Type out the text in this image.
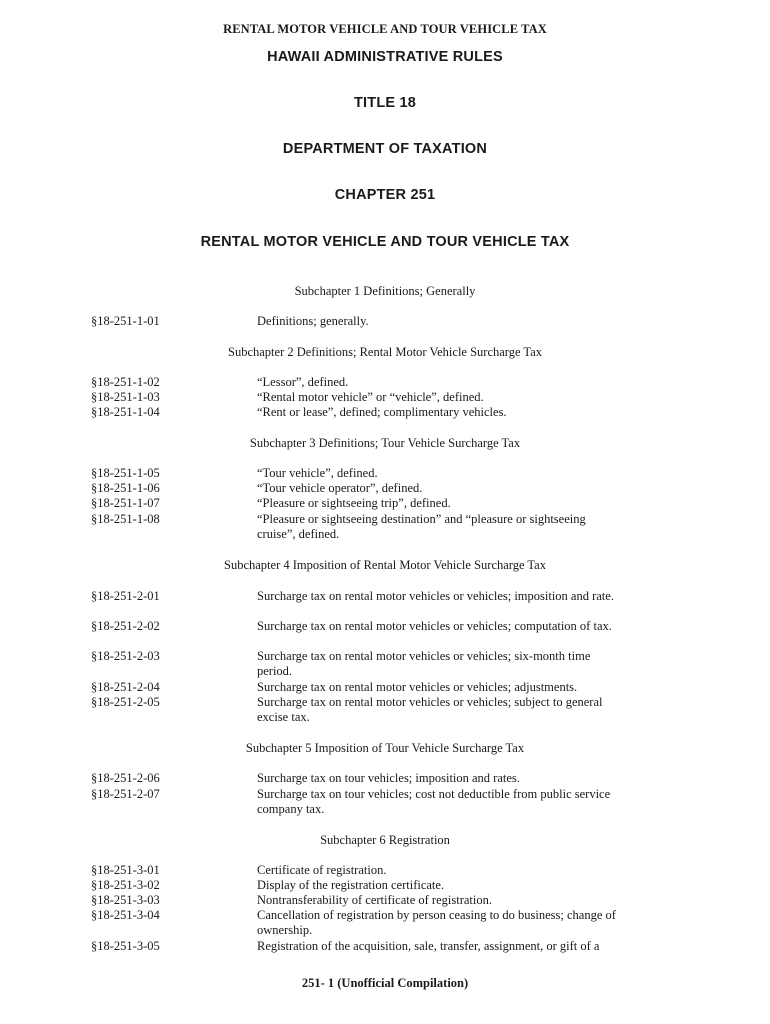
RENTAL MOTOR VEHICLE AND TOUR VEHICLE TAX
HAWAII ADMINISTRATIVE RULES
TITLE 18
DEPARTMENT OF TAXATION
CHAPTER 251
RENTAL MOTOR VEHICLE AND TOUR VEHICLE TAX
Subchapter 1 Definitions; Generally
§18-251-1-01	Definitions; generally.
Subchapter 2 Definitions; Rental Motor Vehicle Surcharge Tax
§18-251-1-02	“Lessor”, defined.
§18-251-1-03	“Rental motor vehicle” or “vehicle”, defined.
§18-251-1-04	“Rent or lease”, defined; complimentary vehicles.
Subchapter 3 Definitions; Tour Vehicle Surcharge Tax
§18-251-1-05	“Tour vehicle”, defined.
§18-251-1-06	“Tour vehicle operator”, defined.
§18-251-1-07	“Pleasure or sightseeing trip”, defined.
§18-251-1-08	“Pleasure or sightseeing destination” and “pleasure or sightseeing cruise”, defined.
Subchapter 4 Imposition of Rental Motor Vehicle Surcharge Tax
§18-251-2-01	Surcharge tax on rental motor vehicles or vehicles; imposition and rate.
§18-251-2-02	Surcharge tax on rental motor vehicles or vehicles; computation of tax.
§18-251-2-03	Surcharge tax on rental motor vehicles or vehicles; six-month time period.
§18-251-2-04	Surcharge tax on rental motor vehicles or vehicles; adjustments.
§18-251-2-05	Surcharge tax on rental motor vehicles or vehicles; subject to general excise tax.
Subchapter 5 Imposition of Tour Vehicle Surcharge Tax
§18-251-2-06	Surcharge tax on tour vehicles; imposition and rates.
§18-251-2-07	Surcharge tax on tour vehicles; cost not deductible from public service company tax.
Subchapter 6 Registration
§18-251-3-01	Certificate of registration.
§18-251-3-02	Display of the registration certificate.
§18-251-3-03	Nontransferability of certificate of registration.
§18-251-3-04	Cancellation of registration by person ceasing to do business; change of ownership.
§18-251-3-05	Registration of the acquisition, sale, transfer, assignment, or gift of a
251- 1 (Unofficial Compilation)
